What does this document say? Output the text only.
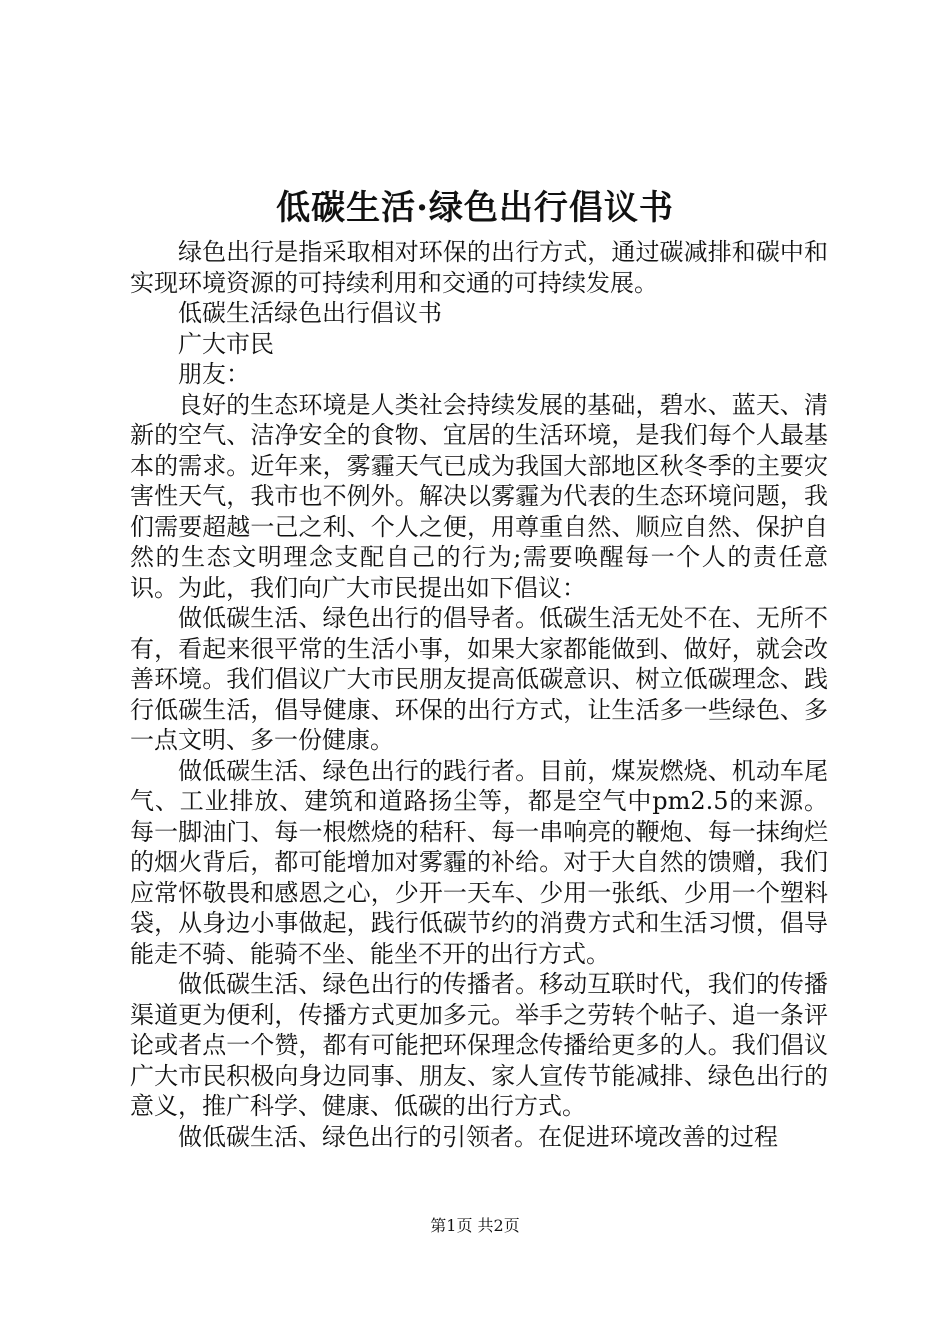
低碳生活·绿色出行倡议书

绿色出行是指采取相对环保的出行方式，通过碳减排和碳中和实现环境资源的可持续利用和交通的可持续发展。

低碳生活绿色出行倡议书

广大市民

朋友：

良好的生态环境是人类社会持续发展的基础，碧水、蓝天、清新的空气、洁净安全的食物、宜居的生活环境，是我们每个人最基本的需求。近年来，雾霾天气已成为我国大部地区秋冬季的主要灾害性天气，我市也不例外。解决以雾霾为代表的生态环境问题，我们需要超越一己之利、个人之便，用尊重自然、顺应自然、保护自然的生态文明理念支配自己的行为;需要唤醒每一个人的责任意识。为此，我们向广大市民提出如下倡议：

做低碳生活、绿色出行的倡导者。低碳生活无处不在、无所不有，看起来很平常的生活小事，如果大家都能做到、做好，就会改善环境。我们倡议广大市民朋友提高低碳意识、树立低碳理念、践行低碳生活，倡导健康、环保的出行方式，让生活多一些绿色、多一点文明、多一份健康。

做低碳生活、绿色出行的践行者。目前，煤炭燃烧、机动车尾气、工业排放、建筑和道路扬尘等，都是空气中pm2.5的来源。每一脚油门、每一根燃烧的秸秆、每一串响亮的鞭炮、每一抹绚烂的烟火背后，都可能增加对雾霾的补给。对于大自然的馈赠，我们应常怀敬畏和感恩之心，少开一天车、少用一张纸、少用一个塑料袋，从身边小事做起，践行低碳节约的消费方式和生活习惯，倡导能走不骑、能骑不坐、能坐不开的出行方式。

做低碳生活、绿色出行的传播者。移动互联时代，我们的传播渠道更为便利，传播方式更加多元。举手之劳转个帖子、追一条评论或者点一个赞，都有可能把环保理念传播给更多的人。我们倡议广大市民积极向身边同事、朋友、家人宣传节能减排、绿色出行的意义，推广科学、健康、低碳的出行方式。

做低碳生活、绿色出行的引领者。在促进环境改善的过程

第1页 共2页
